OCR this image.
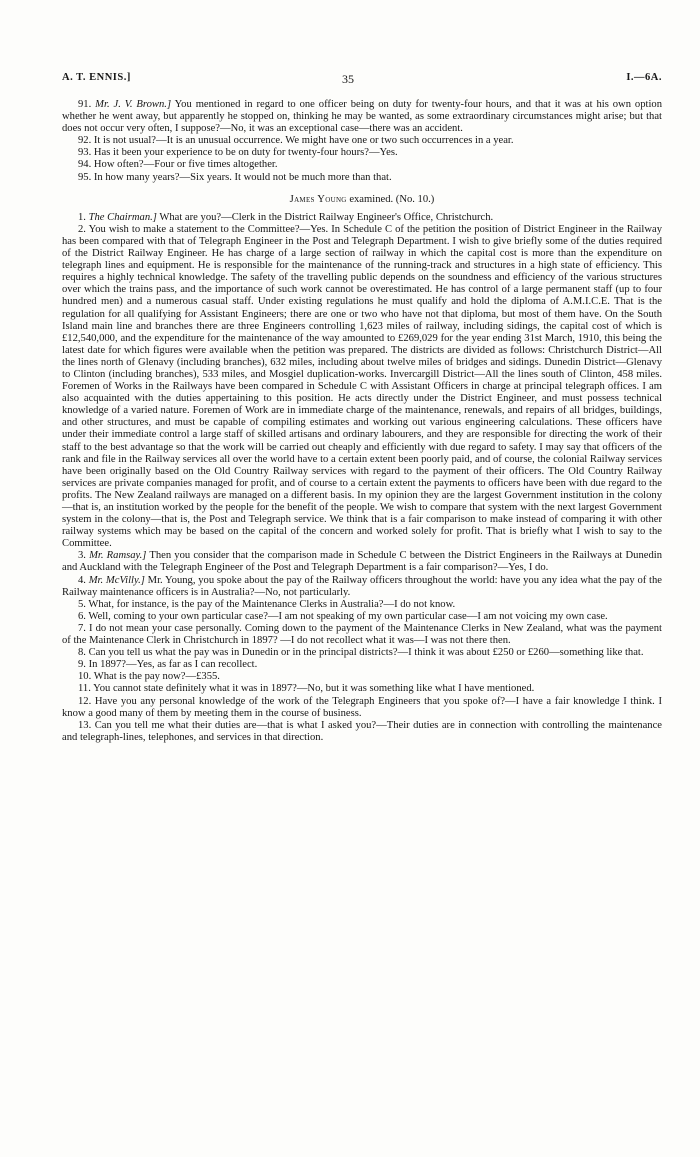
A. T. ENNIS.]	35	I.—6A.

91. Mr. J. V. Brown.] You mentioned in regard to one officer being on duty for twenty-four hours, and that it was at his own option whether he went away, but apparently he stopped on, thinking he may be wanted, as some extraordinary circumstances might arise; but that does not occur very often, I suppose?—No, it was an exceptional case—there was an accident.

92. It is not usual?—It is an unusual occurrence. We might have one or two such occurrences in a year.

93. Has it been your experience to be on duty for twenty-four hours?—Yes.

94. How often?—Four or five times altogether.

95. In how many years?—Six years. It would not be much more than that.

James Young examined. (No. 10.)

1. The Chairman.] What are you?—Clerk in the District Railway Engineer's Office, Christchurch.

2. You wish to make a statement to the Committee?—Yes. In Schedule C of the petition the position of District Engineer in the Railway has been compared with that of Telegraph Engineer in the Post and Telegraph Department. I wish to give briefly some of the duties required of the District Railway Engineer. He has charge of a large section of railway in which the capital cost is more than the expenditure on telegraph lines and equipment. He is responsible for the maintenance of the running-track and structures in a high state of efficiency. This requires a highly technical knowledge. The safety of the travelling public depends on the soundness and efficiency of the various structures over which the trains pass, and the importance of such work cannot be overestimated. He has control of a large permanent staff (up to four hundred men) and a numerous casual staff. Under existing regulations he must qualify and hold the diploma of A.M.I.C.E. That is the regulation for all qualifying for Assistant Engineers; there are one or two who have not that diploma, but most of them have. On the South Island main line and branches there are three Engineers controlling 1,623 miles of railway, including sidings, the capital cost of which is £12,540,000, and the expenditure for the maintenance of the way amounted to £269,029 for the year ending 31st March, 1910, this being the latest date for which figures were available when the petition was prepared. The districts are divided as follows: Christchurch District—All the lines north of Glenavy (including branches), 632 miles, including about twelve miles of bridges and sidings. Dunedin District—Glenavy to Clinton (including branches), 533 miles, and Mosgiel duplication-works. Invercargill District—All the lines south of Clinton, 458 miles. Foremen of Works in the Railways have been compared in Schedule C with Assistant Officers in charge at principal telegraph offices. I am also acquainted with the duties appertaining to this position. He acts directly under the District Engineer, and must possess technical knowledge of a varied nature. Foremen of Work are in immediate charge of the maintenance, renewals, and repairs of all bridges, buildings, and other structures, and must be capable of compiling estimates and working out various engineering calculations. These officers have under their immediate control a large staff of skilled artisans and ordinary labourers, and they are responsible for directing the work of their staff to the best advantage so that the work will be carried out cheaply and efficiently with due regard to safety. I may say that officers of the rank and file in the Railway services all over the world have to a certain extent been poorly paid, and of course, the colonial Railway services have been originally based on the Old Country Railway services with regard to the payment of their officers. The Old Country Railway services are private companies managed for profit, and of course to a certain extent the payments to officers have been with due regard to the profits. The New Zealand railways are managed on a different basis. In my opinion they are the largest Government institution in the colony—that is, an institution worked by the people for the benefit of the people. We wish to compare that system with the next largest Government system in the colony—that is, the Post and Telegraph service. We think that is a fair comparison to make instead of comparing it with other railway systems which may be based on the capital of the concern and worked solely for profit. That is briefly what I wish to say to the Committee.

3. Mr. Ramsay.] Then you consider that the comparison made in Schedule C between the District Engineers in the Railways at Dunedin and Auckland with the Telegraph Engineer of the Post and Telegraph Department is a fair comparison?—Yes, I do.

4. Mr. McVilly.] Mr. Young, you spoke about the pay of the Railway officers throughout the world: have you any idea what the pay of the Railway maintenance officers is in Australia?—No, not particularly.

5. What, for instance, is the pay of the Maintenance Clerks in Australia?—I do not know.

6. Well, coming to your own particular case?—I am not speaking of my own particular case—I am not voicing my own case.

7. I do not mean your case personally. Coming down to the payment of the Maintenance Clerks in New Zealand, what was the payment of the Maintenance Clerk in Christchurch in 1897? —I do not recollect what it was—I was not there then.

8. Can you tell us what the pay was in Dunedin or in the principal districts?—I think it was about £250 or £260—something like that.

9. In 1897?—Yes, as far as I can recollect.

10. What is the pay now?—£355.

11. You cannot state definitely what it was in 1897?—No, but it was something like what I have mentioned.

12. Have you any personal knowledge of the work of the Telegraph Engineers that you spoke of?—I have a fair knowledge I think. I know a good many of them by meeting them in the course of business.

13. Can you tell me what their duties are—that is what I asked you?—Their duties are in connection with controlling the maintenance and telegraph-lines, telephones, and services in that direction.
